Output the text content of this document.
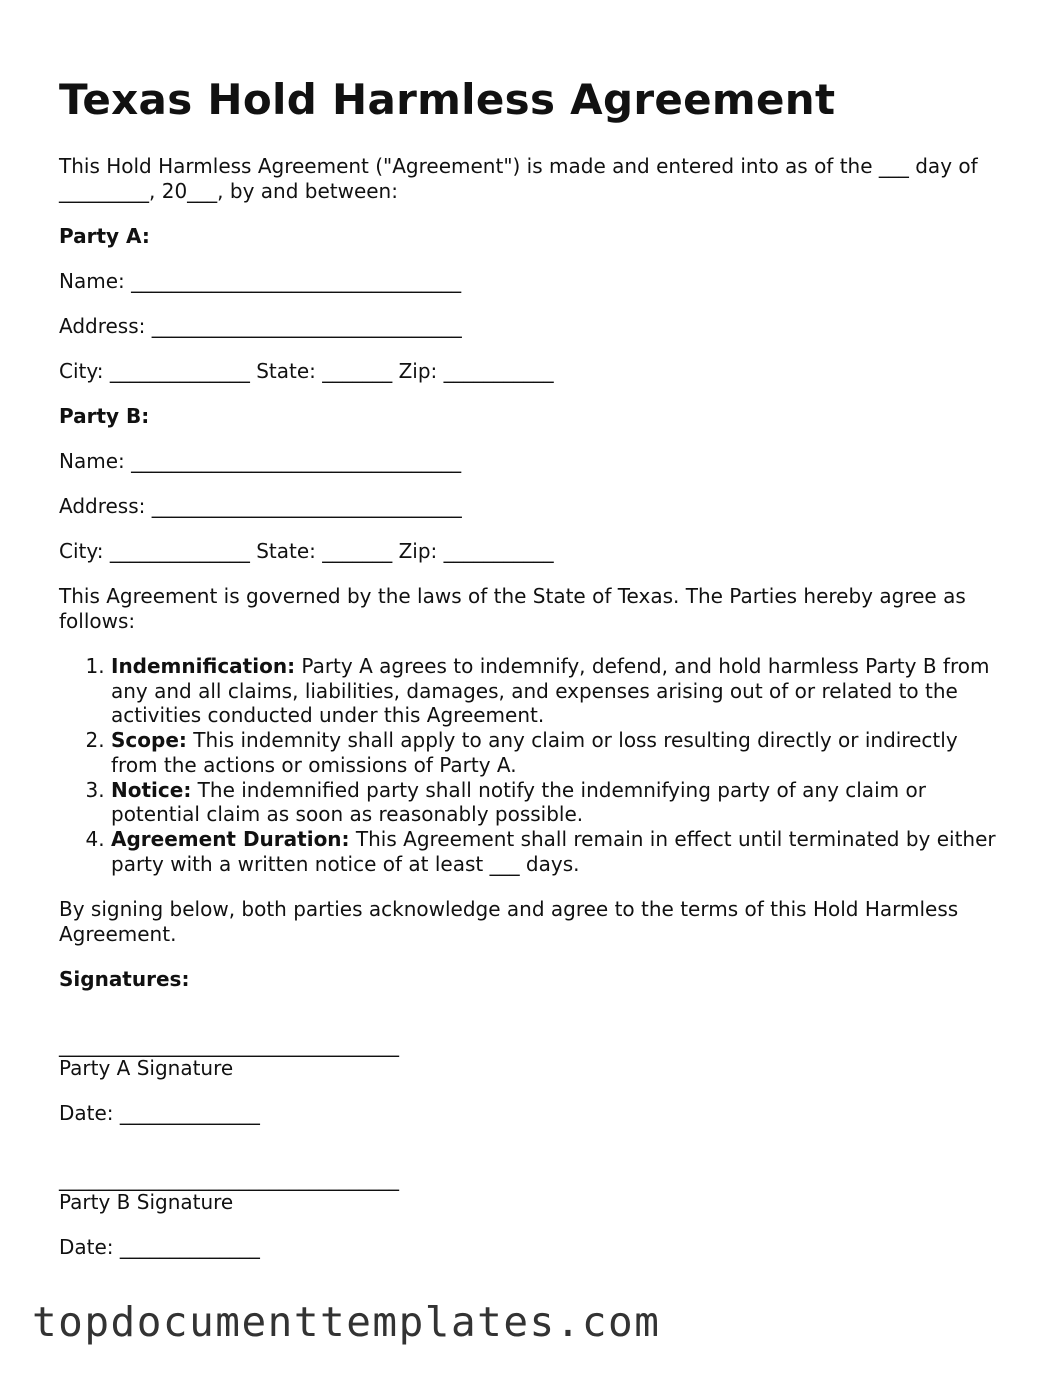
Texas Hold Harmless Agreement

This Hold Harmless Agreement ("Agreement") is made and entered into as of the ___ day of _________, 20___, by and between:

Party A:
Name: _________________________________
Address: _______________________________
City: ______________ State: _______ Zip: ___________
Party B:
Name: _________________________________
Address: _______________________________
City: ______________ State: _______ Zip: ___________

This Agreement is governed by the laws of the State of Texas. The Parties hereby agree as follows:

1. Indemnification: Party A agrees to indemnify, defend, and hold harmless Party B from any and all claims, liabilities, damages, and expenses arising out of or related to the activities conducted under this Agreement.
2. Scope: This indemnity shall apply to any claim or loss resulting directly or indirectly from the actions or omissions of Party A.
3. Notice: The indemnified party shall notify the indemnifying party of any claim or potential claim as soon as reasonably possible.
4. Agreement Duration: This Agreement shall remain in effect until terminated by either party with a written notice of at least ___ days.

By signing below, both parties acknowledge and agree to the terms of this Hold Harmless Agreement.

Signatures:
__________________________________
Party A Signature
Date: ______________
__________________________________
Party B Signature
Date: ______________
topdocumenttemplates.com
